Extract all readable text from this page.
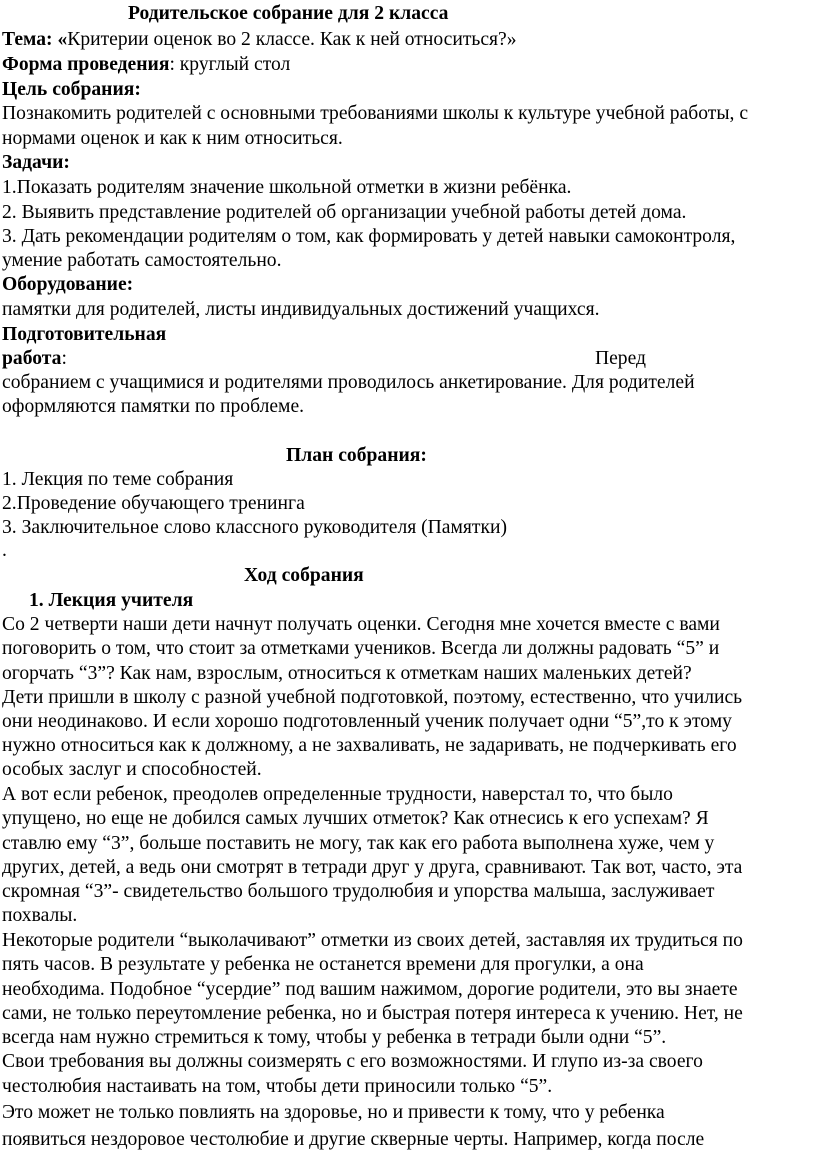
Родительское собрание для 2 класса
Тема: «Критерии оценок во 2 классе. Как к ней относиться?»
Форма проведения: круглый стол
Цель собрания:
Познакомить родителей с основными требованиями школы к культуре учебной работы, с
нормами оценок и как к ним относиться.
Задачи:
1.Показать родителям значение школьной отметки в жизни ребёнка.
2. Выявить представление родителей об организации учебной работы детей дома.
3. Дать рекомендации родителям о том, как формировать у детей навыки самоконтроля,
умение работать самостоятельно.
Оборудование:
памятки для родителей, листы индивидуальных достижений учащихся.
Подготовительная
работа:	Перед
собранием с учащимися и родителями проводилось анкетирование. Для родителей
оформляются памятки по проблеме.
План собрания:
1. Лекция по теме собрания
2.Проведение обучающего тренинга
3. Заключительное слово классного руководителя (Памятки)
.
Ход собрания
1. Лекция учителя
Со 2 четверти наши дети начнут получать оценки. Сегодня мне хочется вместе с вами
поговорить о том, что стоит за отметками учеников. Всегда ли должны радовать “5” и
огорчать “3”? Как нам, взрослым, относиться к отметкам наших маленьких детей?
Дети пришли в школу с разной учебной подготовкой, поэтому, естественно, что учились
они неодинаково. И если хорошо подготовленный ученик получает одни “5”,то к этому
нужно относиться как к должному, а не захваливать, не задаривать, не подчеркивать его
особых заслуг и способностей.
А вот если ребенок, преодолев определенные трудности, наверстал то, что было
упущено, но еще не добился самых лучших отметок? Как отнесись к его успехам? Я
ставлю ему “3”, больше поставить не могу, так как его работа выполнена хуже, чем у
других, детей, а ведь они смотрят в тетради друг у друга, сравнивают. Так вот, часто, эта
скромная “3”- свидетельство большого трудолюбия и упорства малыша, заслуживает
похвалы.
Некоторые родители “выколачивают” отметки из своих детей, заставляя их трудиться по
пять часов. В результате у ребенка не останется времени для прогулки, а она
необходима. Подобное “усердие” под вашим нажимом, дорогие родители, это вы знаете
сами, не только переутомление ребенка, но и быстрая потеря интереса к учению. Нет, не
всегда нам нужно стремиться к тому, чтобы у ребенка в тетради были одни “5”.
Свои требования вы должны соизмерять с его возможностями. И глупо из-за своего
честолюбия настаивать на том, чтобы дети приносили только “5”.
Это может не только повлиять на здоровье, но и привести к тому, что у ребенка
появиться нездоровое честолюбие и другие скверные черты. Например, когда после
